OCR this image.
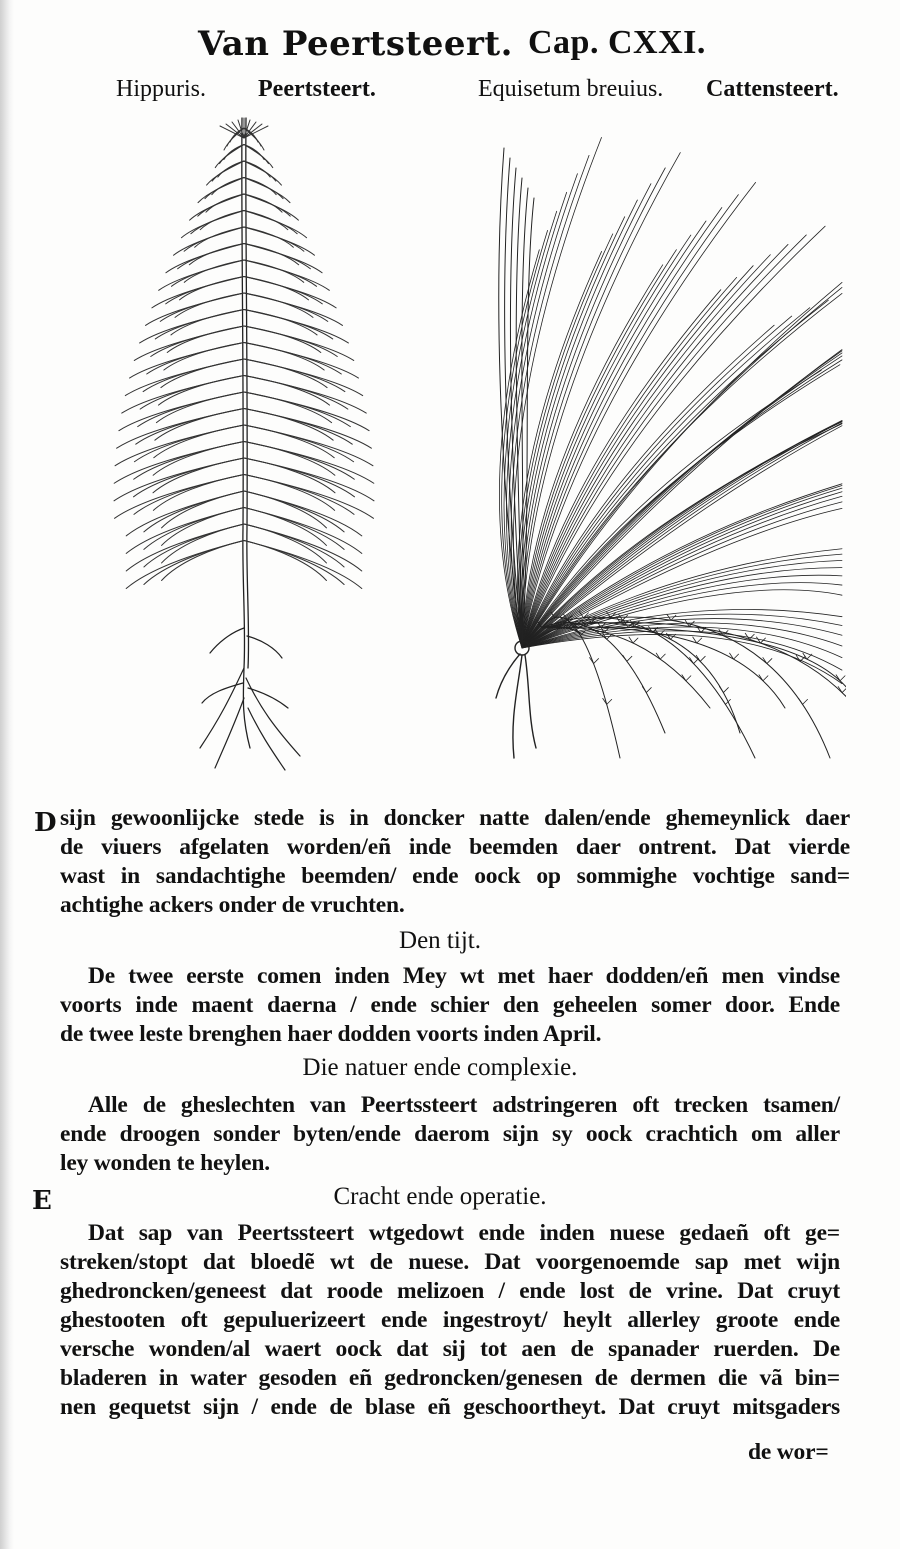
Van Peertsteert. Cap. CXXI.
Hippuris. Peertsteert.	Equisetum breuius. Cattensteert.
D sijn gewoonlijcke stede is in doncker natte dalen/ende ghemeynlick daer
de viuers afgelaten worden/eñ inde beemden daer ontrent. Dat vierde
wast in sandachtighe beemden/ ende oock op sommighe vochtige sand=
achtighe ackers onder de vruchten.
Den tijt.
De twee eerste comen inden Mey wt met haer dodden/eñ men vindse
voorts inde maent daerna / ende schier den geheelen somer door. Ende
de twee leste brenghen haer dodden voorts inden April.
Die natuer ende complexie.
Alle de gheslechten van Peertssteert adstringeren oft trecken tsamen/
ende droogen sonder byten/ende daerom sijn sy oock crachtich om aller
ley wonden te heylen.
E	Cracht ende operatie.
Dat sap van Peertssteert wtgedowt ende inden nuese gedaeñ oft ge=
streken/stopt dat bloedẽ wt de nuese. Dat voorgenoemde sap met wijn
ghedroncken/geneest dat roode melizoen / ende lost de vrine. Dat cruyt
ghestooten oft gepuluerizeert ende ingestroyt/ heylt allerley groote ende
versche wonden/al waert oock dat sij tot aen de spanader ruerden. De
bladeren in water gesoden eñ gedroncken/genesen de dermen die vã bin=
nen gequetst sijn / ende de blase eñ geschoortheyt. Dat cruyt mitsgaders
de wor=
